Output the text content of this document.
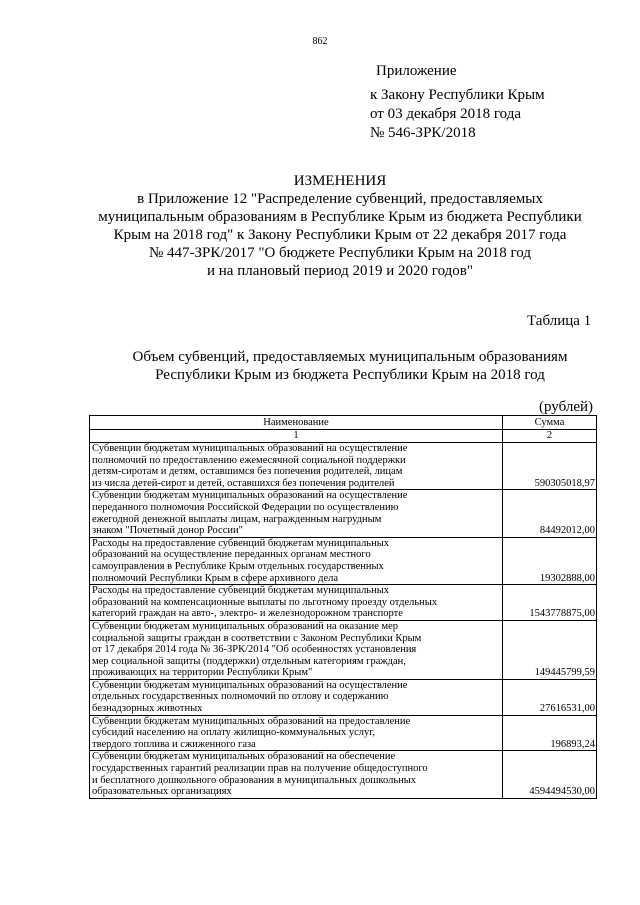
862
Приложение
к Закону Республики Крым
от 03 декабря 2018 года
№ 546-ЗРК/2018
ИЗМЕНЕНИЯ
в Приложение 12 "Распределение субвенций, предоставляемых
муниципальным образованиям в Республике Крым из бюджета Республики
Крым на 2018 год" к Закону Республики Крым от 22 декабря 2017 года
№ 447-ЗРК/2017 "О бюджете Республики Крым на 2018 год
и на плановый период 2019 и 2020 годов"
Таблица 1
Объем субвенций, предоставляемых муниципальным образованиям
Республики Крым из бюджета Республики Крым на 2018 год
(рублей)
Наименование	Сумма
1	2

Субвенции бюджетам муниципальных образований на осуществление
полномочий по предоставлению ежемесячной социальной поддержки
детям-сиротам и детям, оставшимся без попечения родителей, лицам
из числа детей-сирот и детей, оставшихся без попечения родителей	590305018,97

Субвенции бюджетам муниципальных образований на осуществление
переданного полномочия Российской Федерации по осуществлению
ежегодной денежной выплаты лицам, награжденным нагрудным
знаком "Почетный донор России"	84492012,00

Расходы на предоставление субвенций бюджетам муниципальных
образований на осуществление переданных органам местного
самоуправления в Республике Крым отдельных государственных
полномочий Республики Крым в сфере архивного дела	19302888,00

Расходы на предоставление субвенций бюджетам муниципальных
образований на компенсационные выплаты по льготному проезду отдельных
категорий граждан на авто-, электро- и железнодорожном транспорте	1543778875,00

Субвенции бюджетам муниципальных образований на оказание мер
социальной защиты граждан в соответствии с Законом Республики Крым
от 17 декабря 2014 года № 36-ЗРК/2014 "Об особенностях установления
мер социальной защиты (поддержки) отдельным категориям граждан,
проживающих на территории Республики Крым"	149445799,59

Субвенции бюджетам муниципальных образований на осуществление
отдельных государственных полномочий по отлову и содержанию
безнадзорных животных	27616531,00

Субвенции бюджетам муниципальных образований на предоставление
субсидий населению на оплату жилищно-коммунальных услуг,
твердого топлива и сжиженного газа	196893,24

Субвенции бюджетам муниципальных образований на обеспечение
государственных гарантий реализации прав на получение общедоступного
и бесплатного дошкольного образования в муниципальных дошкольных
образовательных организациях	4594494530,00
